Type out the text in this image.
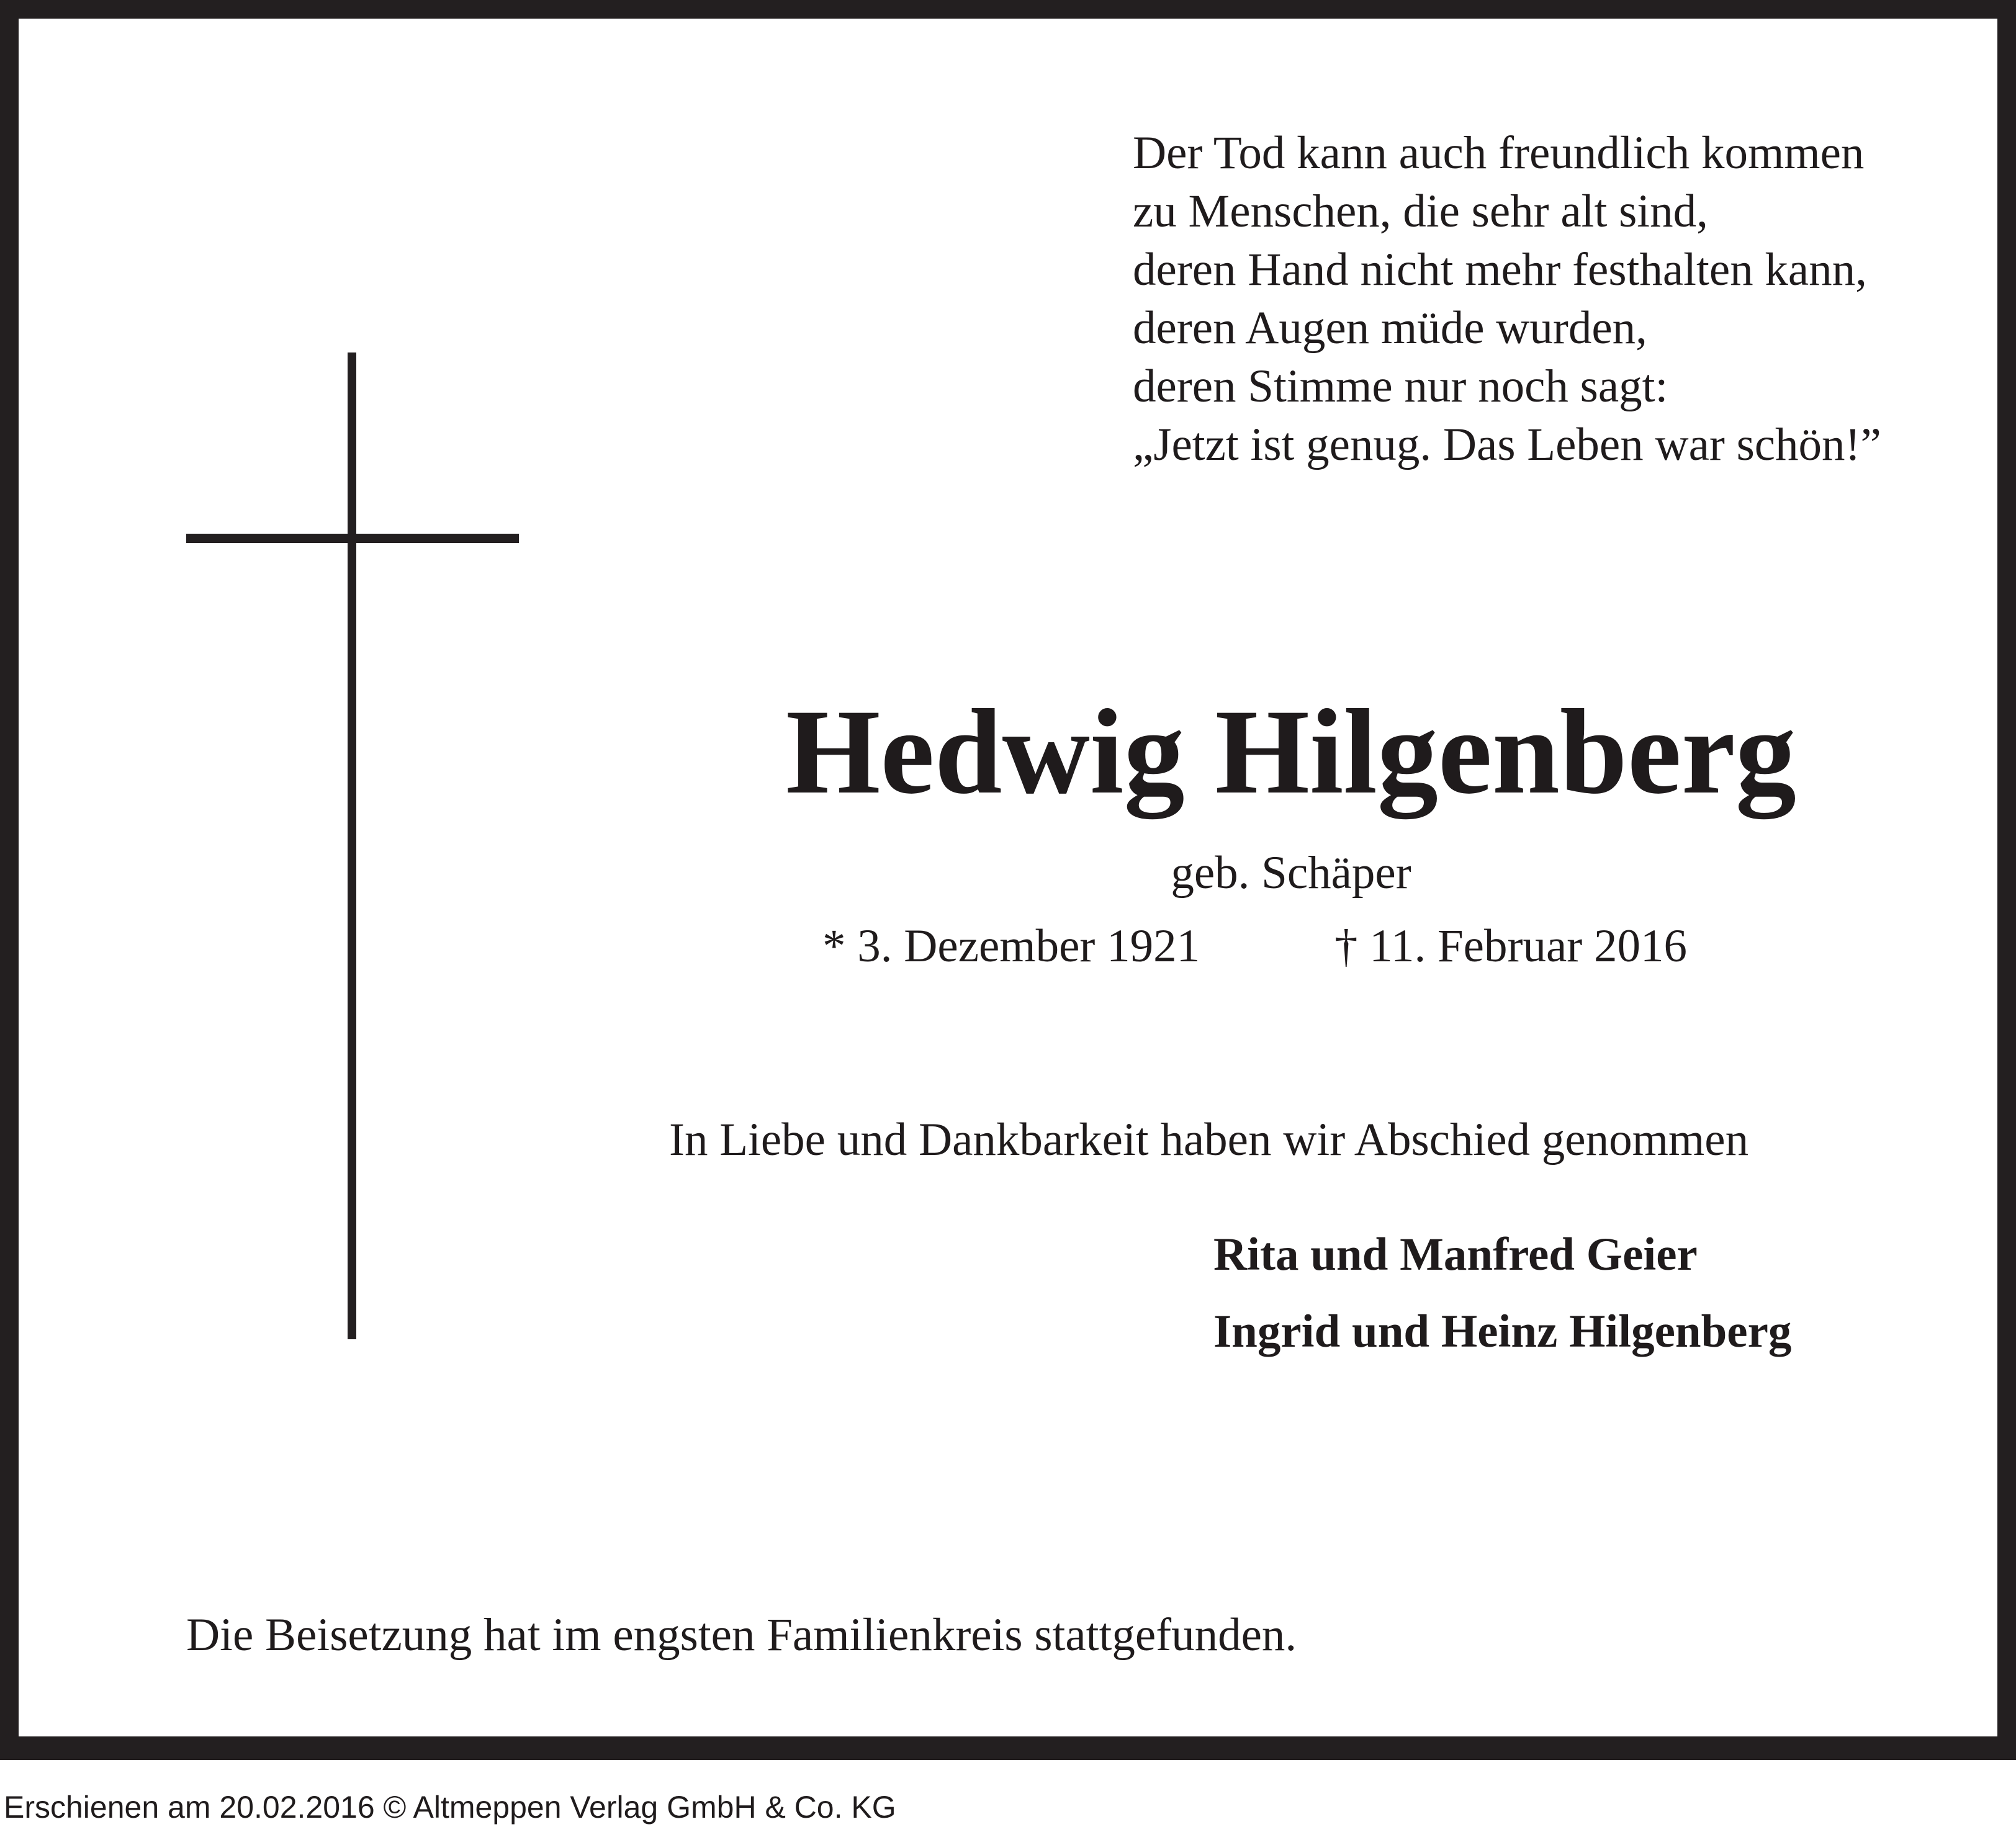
Der Tod kann auch freundlich kommen
zu Menschen, die sehr alt sind,
deren Hand nicht mehr festhalten kann,
deren Augen müde wurden,
deren Stimme nur noch sagt:
„Jetzt ist genug. Das Leben war schön!”
Hedwig Hilgenberg
geb. Schäper
* 3. Dezember 1921	† 11. Februar 2016
In Liebe und Dankbarkeit haben wir Abschied genommen
Rita und Manfred Geier
Ingrid und Heinz Hilgenberg
Die Beisetzung hat im engsten Familienkreis stattgefunden.
Erschienen am 20.02.2016 © Altmeppen Verlag GmbH & Co. KG
